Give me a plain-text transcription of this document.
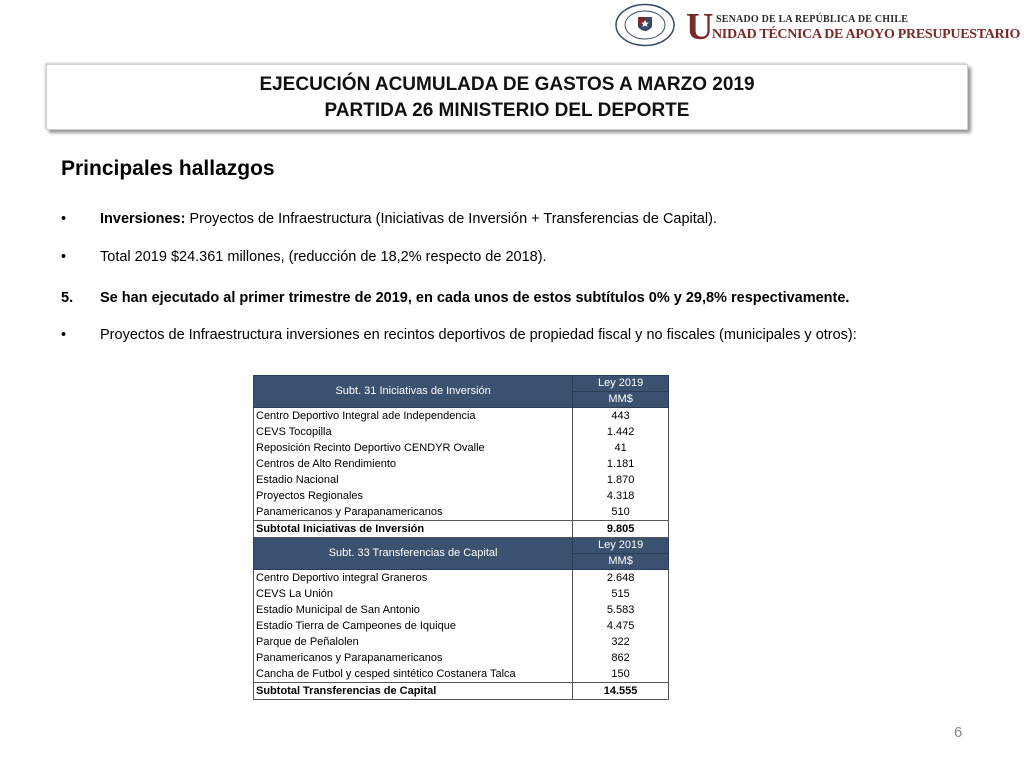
U SENADO DE LA REPÚBLICA DE CHILE
NIDAD TÉCNICA DE APOYO PRESUPUESTARIO
EJECUCIÓN ACUMULADA DE GASTOS A MARZO 2019
PARTIDA 26 MINISTERIO DEL DEPORTE
Principales hallazgos
•	Inversiones: Proyectos de Infraestructura (Iniciativas de Inversión + Transferencias de Capital).
•	Total 2019 $24.361 millones, (reducción de 18,2% respecto de 2018).
5.	Se han ejecutado al primer trimestre de 2019, en cada unos de estos subtítulos 0% y 29,8% respectivamente.
•	Proyectos de Infraestructura inversiones en recintos deportivos de propiedad fiscal y no fiscales (municipales y otros):
Subt. 31 Iniciativas de Inversión	Ley 2019
	MM$
Centro Deportivo Integral ade Independencia	443
CEVS Tocopilla	1.442
Reposición Recinto Deportivo CENDYR Ovalle	41
Centros de Alto Rendimiento	1.181
Estadio Nacional	1.870
Proyectos Regionales	4.318
Panamericanos y Parapanamericanos	510
Subtotal Iniciativas de Inversión	9.805
Subt. 33 Transferencias de Capital	Ley 2019
	MM$
Centro Deportivo integral Graneros	2.648
CEVS La Unión	515
Estadio Municipal de San Antonio	5.583
Estadio Tierra de Campeones de Iquique	4.475
Parque de Peñalolen	322
Panamericanos y Parapanamericanos	862
Cancha de Futbol y cesped sintético Costanera Talca	150
Subtotal Transferencias de Capital	14.555
6
